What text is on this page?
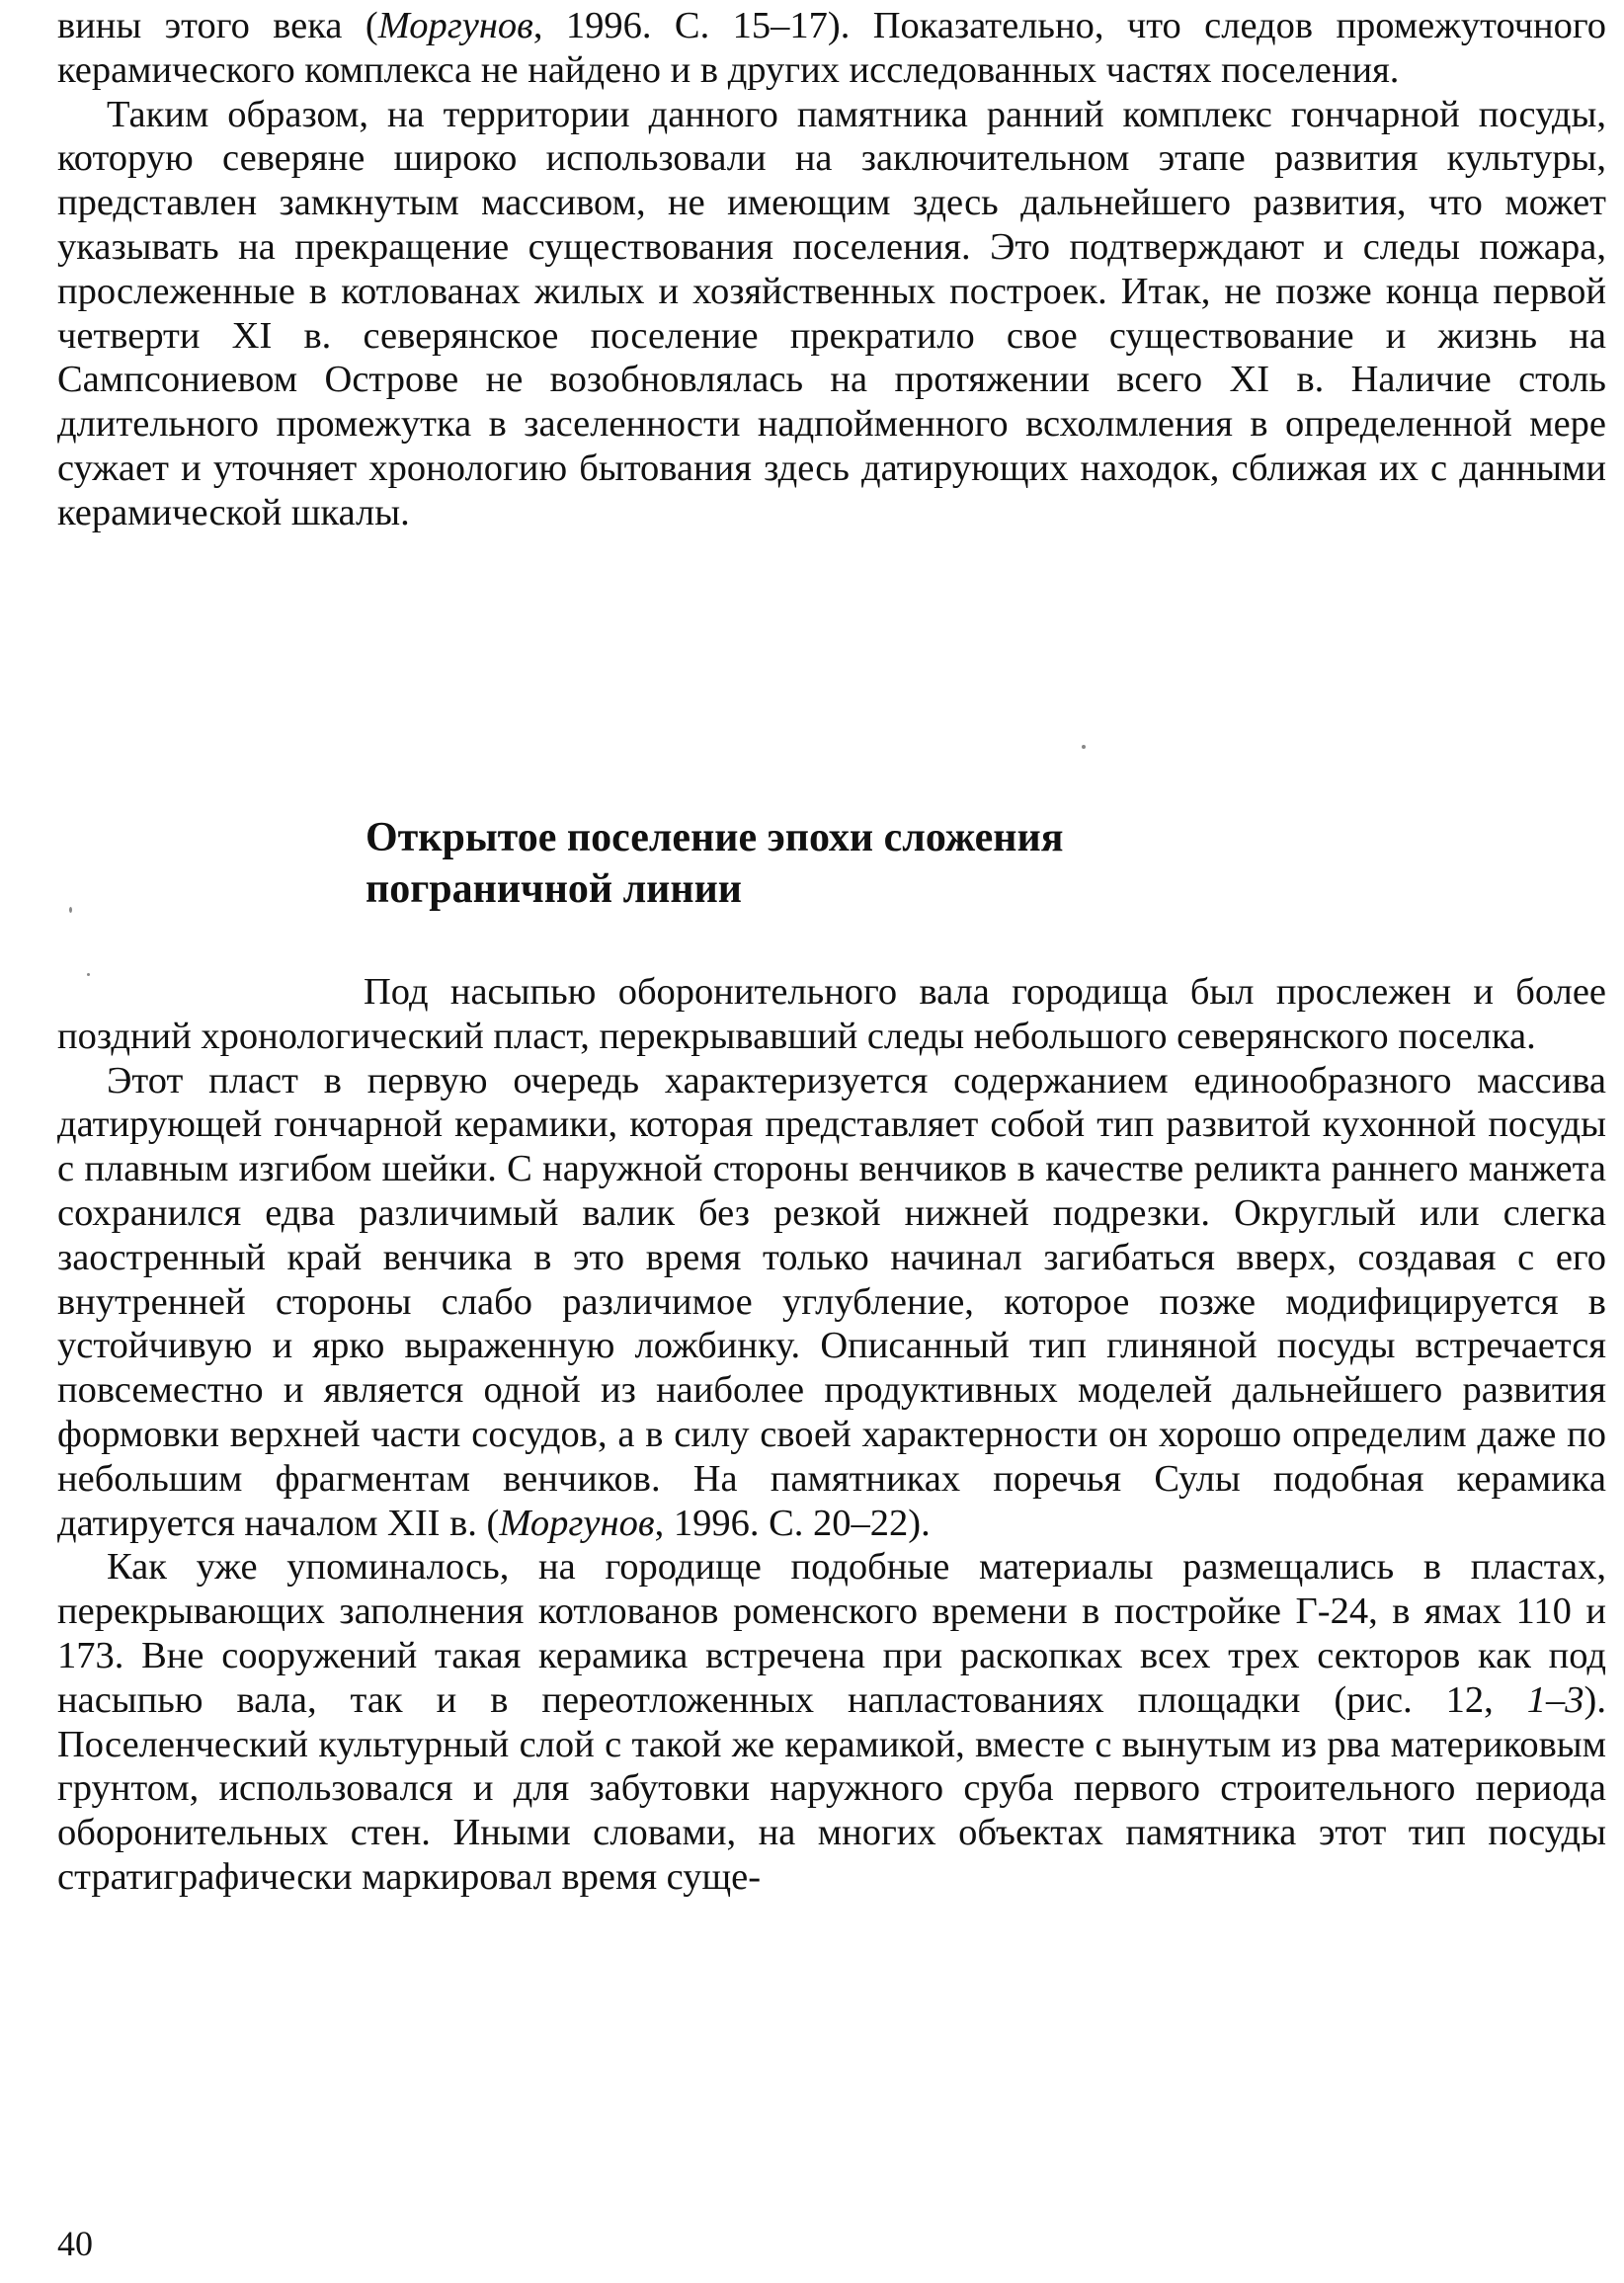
вины этого века (Моргунов, 1996. С. 15–17). Показательно, что следов промежуточного керамического комплекса не найдено и в других исследованных частях поселения.

Таким образом, на территории данного памятника ранний комплекс гончарной посуды, которую северяне широко использовали на заключительном этапе развития культуры, представлен замкнутым массивом, не имеющим здесь дальнейшего развития, что может указывать на прекращение существования поселения. Это подтверждают и следы пожара, прослеженные в котлованах жилых и хозяйственных построек. Итак, не позже конца первой четверти XI в. северянское поселение прекратило свое существование и жизнь на Сампсониевом Острове не возобновлялась на протяжении всего XI в. Наличие столь длительного промежутка в заселенности надпойменного всхолмления в определенной мере сужает и уточняет хронологию бытования здесь датирующих находок, сближая их с данными керамической шкалы.

Открытое поселение эпохи сложения
пограничной линии

Под насыпью оборонительного вала городища был прослежен и более поздний хронологический пласт, перекрывавший следы небольшого северянского поселка.

Этот пласт в первую очередь характеризуется содержанием единообразного массива датирующей гончарной керамики, которая представляет собой тип развитой кухонной посуды с плавным изгибом шейки. С наружной стороны венчиков в качестве реликта раннего манжета сохранился едва различимый валик без резкой нижней подрезки. Округлый или слегка заостренный край венчика в это время только начинал загибаться вверх, создавая с его внутренней стороны слабо различимое углубление, которое позже модифицируется в устойчивую и ярко выраженную ложбинку. Описанный тип глиняной посуды встречается повсеместно и является одной из наиболее продуктивных моделей дальнейшего развития формовки верхней части сосудов, а в силу своей характерности он хорошо определим даже по небольшим фрагментам венчиков. На памятниках поречья Сулы подобная керамика датируется началом XII в. (Моргунов, 1996. С. 20–22).

Как уже упоминалось, на городище подобные материалы размещались в пластах, перекрывающих заполнения котлованов роменского времени в постройке Г-24, в ямах 110 и 173. Вне сооружений такая керамика встречена при раскопках всех трех секторов как под насыпью вала, так и в переотложенных напластованиях площадки (рис. 12, 1–3). Поселенческий культурный слой с такой же керамикой, вместе с вынутым из рва материковым грунтом, использовался и для забутовки наружного сруба первого строительного периода оборонительных стен. Иными словами, на многих объектах памятника этот тип посуды стратиграфически маркировал время суще-

40
